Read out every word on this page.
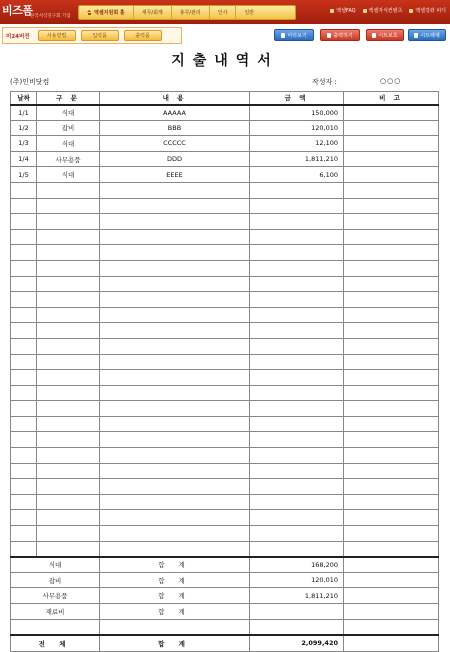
비즈폼
한국서식연구회 기업
엑셀지원회 홈	세무/회계	총무/관리	인사	일반	엑셀FAQ	엑셀자식컨텐츠	엑셀강좌 피디
미24버전	사용방법	입력폼	출력폼	미리보기	출력하기	시트보호	시트해제
지출내역서
(주)인비닷컴	작성자 :	○○○
날짜	구 분	내 용	금 액	비 고
1/1	식대	AAAAA	150,000	
1/2	잡비	BBB	120,010	
1/3	식대	CCCCC	12,100	
1/4	사무용품	DDD	1,811,210	
1/5	식대	EEEE	6,100	

식대		합 계	168,200	
잡비		합 계	120,010	
사무용품		합 계	1,811,210	
재료비		합 계		

전 체		합 계	2,099,420	
